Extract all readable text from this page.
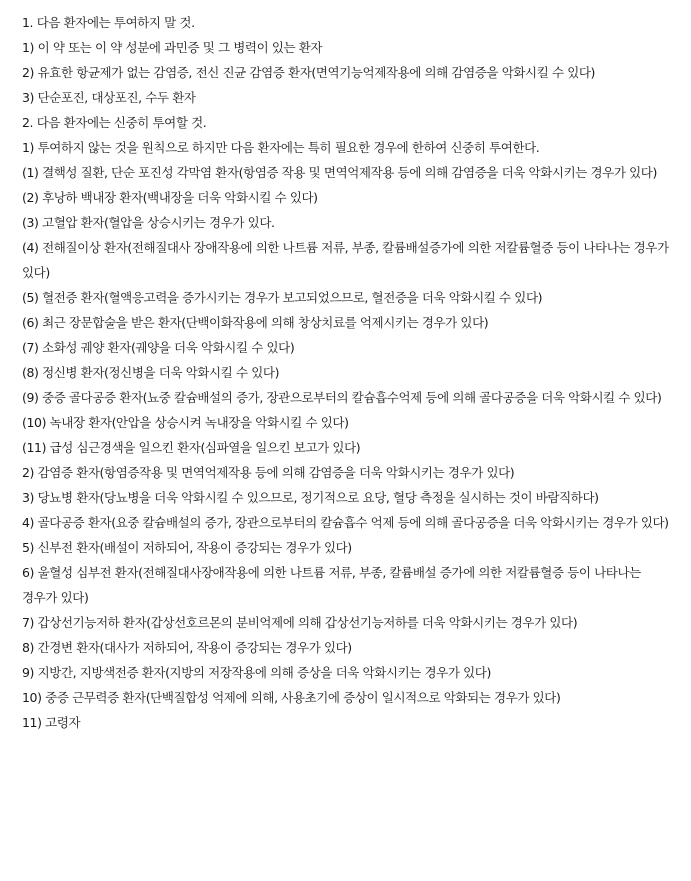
1. 다음 환자에는 투여하지 말 것.

1) 이 약 또는 이 약 성분에 과민증 및 그 병력이 있는 환자

2) 유효한 항균제가 없는 감염증, 전신 진균 감염증 환자(면역기능억제작용에 의해 감염증을 악화시킬 수 있다)

3) 단순포진, 대상포진, 수두 환자

2. 다음 환자에는 신중히 투여할 것.

1) 투여하지 않는 것을 원칙으로 하지만 다음 환자에는 특히 필요한 경우에 한하여 신중히 투여한다.

(1) 결핵성 질환, 단순 포진성 각막염 환자(항염증 작용 및 면역억제작용 등에 의해 감염증을 더욱 악화시키는 경우가 있다)

(2) 후낭하 백내장 환자(백내장을 더욱 악화시킬 수 있다)

(3) 고혈압 환자(혈압을 상승시키는 경우가 있다.

(4) 전해질이상 환자(전해질대사 장애작용에 의한 나트륨 저류, 부종, 칼륨배설증가에 의한 저칼륨혈증 등이 나타나는 경우가 있다)

(5) 혈전증 환자(혈액응고력을 증가시키는 경우가 보고되었으므로, 혈전증을 더욱 악화시킬 수 있다)

(6) 최근 장문합술을 받은 환자(단백이화작용에 의해 창상치료를 억제시키는 경우가 있다)

(7) 소화성 궤양 환자(궤양을 더욱 악화시킬 수 있다)

(8) 정신병 환자(정신병을 더욱 악화시킬 수 있다)

(9) 중증 골다공증 환자(뇨중 칼슘배설의 증가, 장관으로부터의 칼슘흡수억제 등에 의해 골다공증을 더욱 악화시킬 수 있다)

(10) 녹내장 환자(안압을 상승시켜 녹내장을 악화시킬 수 있다)

(11) 급성 심근경색을 일으킨 환자(심파열을 일으킨 보고가 있다)

2) 감염증 환자(항염증작용 및 면역억제작용 등에 의해 감염증을 더욱 악화시키는 경우가 있다)

3) 당뇨병 환자(당뇨병을 더욱 악화시킬 수 있으므로, 정기적으로 요당, 혈당 측정을 실시하는 것이 바람직하다)

4) 골다공증 환자(요중 칼슘배설의 증가, 장관으로부터의 칼슘흡수 억제 등에 의해 골다공증을 더욱 악화시키는 경우가 있다)

5) 신부전 환자(배설이 저하되어, 작용이 증강되는 경우가 있다)

6) 울혈성 심부전 환자(전해질대사장애작용에 의한 나트륨 저류, 부종, 칼륨배설 증가에 의한 저칼륨혈증 등이 나타나는 경우가 있다)

7) 갑상선기능저하 환자(갑상선호르몬의 분비억제에 의해 갑상선기능저하를 더욱 악화시키는 경우가 있다)

8) 간경변 환자(대사가 저하되어, 작용이 증강되는 경우가 있다)

9) 지방간, 지방색전증 환자(지방의 저장작용에 의해 증상을 더욱 악화시키는 경우가 있다)

10) 중증 근무력증 환자(단백질합성 억제에 의해, 사용초기에 증상이 일시적으로 악화되는 경우가 있다)

11) 고령자
